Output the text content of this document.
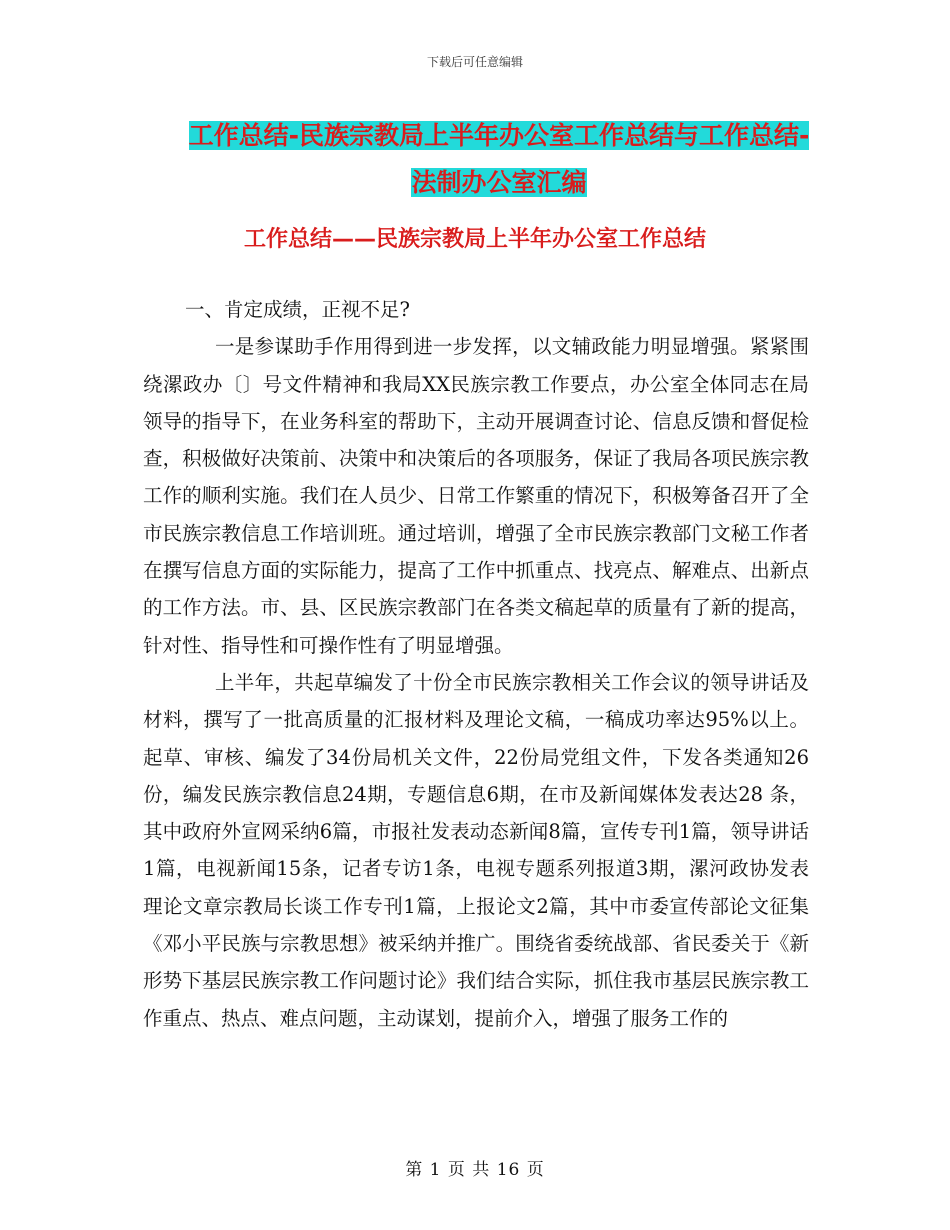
下载后可任意编辑
工作总结-民族宗教局上半年办公室工作总结与工作总结-法制办公室汇编
工作总结——民族宗教局上半年办公室工作总结

一、肯定成绩，正视不足?

一是参谋助手作用得到进一步发挥，以文辅政能力明显增强。紧紧围绕漯政办〔〕号文件精神和我局XX民族宗教工作要点，办公室全体同志在局领导的指导下，在业务科室的帮助下，主动开展调查讨论、信息反馈和督促检查，积极做好决策前、决策中和决策后的各项服务，保证了我局各项民族宗教工作的顺利实施。我们在人员少、日常工作繁重的情况下，积极筹备召开了全市民族宗教信息工作培训班。通过培训，增强了全市民族宗教部门文秘工作者在撰写信息方面的实际能力，提高了工作中抓重点、找亮点、解难点、出新点的工作方法。市、县、区民族宗教部门在各类文稿起草的质量有了新的提高，针对性、指导性和可操作性有了明显增强。

上半年，共起草编发了十份全市民族宗教相关工作会议的领导讲话及材料，撰写了一批高质量的汇报材料及理论文稿，一稿成功率达95%以上。起草、审核、编发了34份局机关文件，22份局党组文件，下发各类通知26份，编发民族宗教信息24期，专题信息6期，在市及新闻媒体发表达28 条，其中政府外宣网采纳6篇，市报社发表动态新闻8篇，宣传专刊1篇，领导讲话1篇，电视新闻15条，记者专访1条，电视专题系列报道3期，漯河政协发表理论文章宗教局长谈工作专刊1篇，上报论文2篇，其中市委宣传部论文征集《邓小平民族与宗教思想》被采纳并推广。围绕省委统战部、省民委关于《新形势下基层民族宗教工作问题讨论》我们结合实际，抓住我市基层民族宗教工作重点、热点、难点问题，主动谋划，提前介入，增强了服务工作的

第 1 页 共 16 页
